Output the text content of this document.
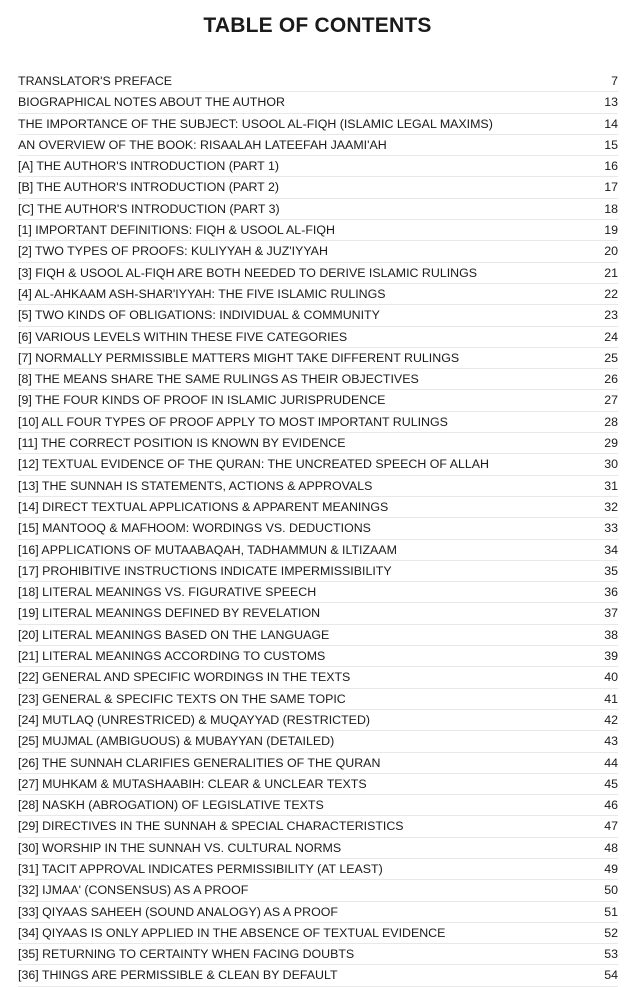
TABLE OF CONTENTS
TRANSLATOR'S PREFACE	7
BIOGRAPHICAL NOTES ABOUT THE AUTHOR	13
THE IMPORTANCE OF THE SUBJECT: USOOL AL-FIQH (ISLAMIC LEGAL MAXIMS)	14
AN OVERVIEW OF THE BOOK: RISAALAH LATEEFAH JAAMI'AH	15
[A] THE AUTHOR'S INTRODUCTION (PART 1)	16
[B] THE AUTHOR'S INTRODUCTION (PART 2)	17
[C] THE AUTHOR'S INTRODUCTION (PART 3)	18
[1] IMPORTANT DEFINITIONS: FIQH & USOOL AL-FIQH	19
[2] TWO TYPES OF PROOFS: KULIYYAH & JUZ'IYYAH	20
[3] FIQH & USOOL AL-FIQH ARE BOTH NEEDED TO DERIVE ISLAMIC RULINGS	21
[4] AL-AHKAAM ASH-SHAR'IYYAH: THE FIVE ISLAMIC RULINGS	22
[5] TWO KINDS OF OBLIGATIONS: INDIVIDUAL & COMMUNITY	23
[6] VARIOUS LEVELS WITHIN THESE FIVE CATEGORIES	24
[7] NORMALLY PERMISSIBLE MATTERS MIGHT TAKE DIFFERENT RULINGS	25
[8] THE MEANS SHARE THE SAME RULINGS AS THEIR OBJECTIVES	26
[9] THE FOUR KINDS OF PROOF IN ISLAMIC JURISPRUDENCE	27
[10] ALL FOUR TYPES OF PROOF APPLY TO MOST IMPORTANT RULINGS	28
[11] THE CORRECT POSITION IS KNOWN BY EVIDENCE	29
[12] TEXTUAL EVIDENCE OF THE QURAN: THE UNCREATED SPEECH OF ALLAH	30
[13] THE SUNNAH IS STATEMENTS, ACTIONS & APPROVALS	31
[14] DIRECT TEXTUAL APPLICATIONS & APPARENT MEANINGS	32
[15] MANTOOQ & MAFHOOM: WORDINGS VS. DEDUCTIONS	33
[16] APPLICATIONS OF MUTAABAQAH, TADHAMMUN & ILTIZAAM	34
[17] PROHIBITIVE INSTRUCTIONS INDICATE IMPERMISSIBILITY	35
[18] LITERAL MEANINGS VS. FIGURATIVE SPEECH	36
[19] LITERAL MEANINGS DEFINED BY REVELATION	37
[20] LITERAL MEANINGS BASED ON THE LANGUAGE	38
[21] LITERAL MEANINGS ACCORDING TO CUSTOMS	39
[22] GENERAL AND SPECIFIC WORDINGS IN THE TEXTS	40
[23] GENERAL & SPECIFIC TEXTS ON THE SAME TOPIC	41
[24] MUTLAQ (UNRESTRICED) & MUQAYYAD (RESTRICTED)	42
[25] MUJMAL (AMBIGUOUS) & MUBAYYAN (DETAILED)	43
[26] THE SUNNAH CLARIFIES GENERALITIES OF THE QURAN	44
[27] MUHKAM & MUTASHAABIH: CLEAR & UNCLEAR TEXTS	45
[28] NASKH (ABROGATION) OF LEGISLATIVE TEXTS	46
[29] DIRECTIVES IN THE SUNNAH & SPECIAL CHARACTERISTICS	47
[30] WORSHIP IN THE SUNNAH VS. CULTURAL NORMS	48
[31] TACIT APPROVAL INDICATES PERMISSIBILITY (AT LEAST)	49
[32] IJMAA' (CONSENSUS) AS A PROOF	50
[33] QIYAAS SAHEEH (SOUND ANALOGY) AS A PROOF	51
[34] QIYAAS IS ONLY APPLIED IN THE ABSENCE OF TEXTUAL EVIDENCE	52
[35] RETURNING TO CERTAINTY WHEN FACING DOUBTS	53
[36] THINGS ARE PERMISSIBLE & CLEAN BY DEFAULT	54
